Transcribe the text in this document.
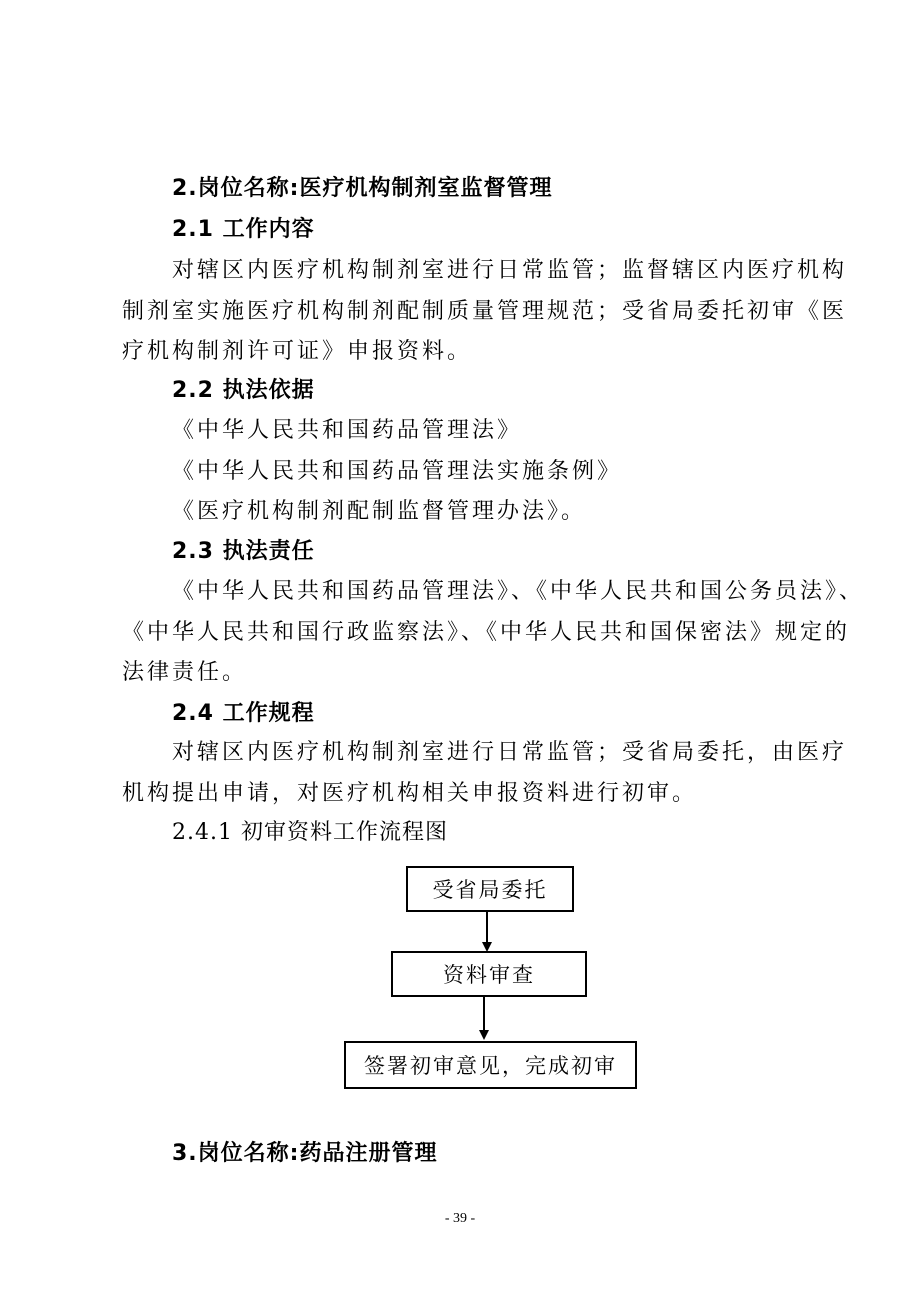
2.岗位名称:医疗机构制剂室监督管理
2.1 工作内容
对辖区内医疗机构制剂室进行日常监管；监督辖区内医疗机构
制剂室实施医疗机构制剂配制质量管理规范；受省局委托初审《医
疗机构制剂许可证》申报资料。
2.2 执法依据
《中华人民共和国药品管理法》
《中华人民共和国药品管理法实施条例》
《医疗机构制剂配制监督管理办法》。
2.3 执法责任
《中华人民共和国药品管理法》、《中华人民共和国公务员法》、
《中华人民共和国行政监察法》、《中华人民共和国保密法》规定的
法律责任。
2.4 工作规程
对辖区内医疗机构制剂室进行日常监管；受省局委托，由医疗
机构提出申请，对医疗机构相关申报资料进行初审。
2.4.1 初审资料工作流程图
受省局委托
资料审查
签署初审意见，完成初审
3.岗位名称:药品注册管理
- 39 -
